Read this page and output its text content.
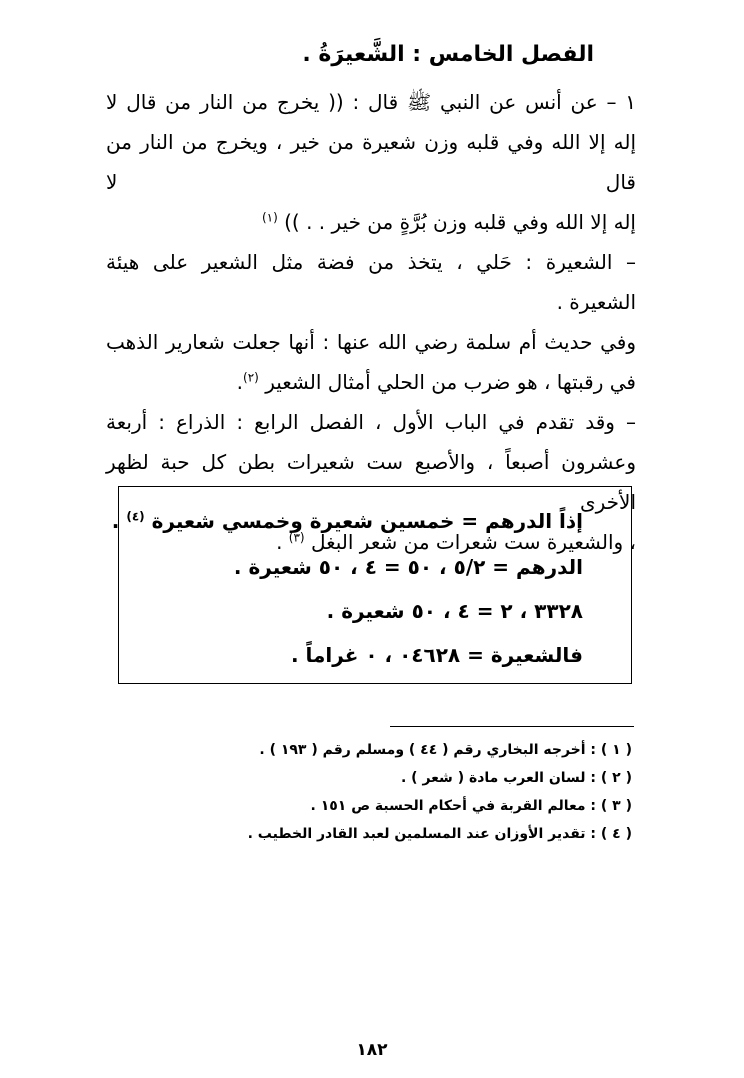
الفصل الخامس : الشَّعيرَةُ .

١ – عن أنس عن النبي ﷺ قال : (( يخرج من النار من قال لا
إله إلا الله وفي قلبه وزن شعيرة من خير ، ويخرج من النار من قال لا
إله إلا الله وفي قلبه وزن بُرَّةٍ من خير . . )) $^{(١)}$

– الشعيرة : حَلي ، يتخذ من فضة مثل الشعير على هيئة
الشعيرة .

وفي حديث أم سلمة رضي الله عنها : أنها جعلت شعارير الذهب
في رقبتها ، هو ضرب من الحلي أمثال الشعير $^{(٢)}$.

– وقد تقدم في الباب الأول ، الفصل الرابع : الذراع : أربعة
وعشرون أصبعاً ، والأصبع ست شعيرات بطن كل حبة لظهر الأخرى
، والشعيرة ست شعرات من شعر البغل $^{(٣)}$ .

إذاً الدرهم = خمسين شعيرة وخمسي شعيرة $^{(٤)}$ .
الدرهم = ٥/٢ ، ٥٠ = ٤ ، ٥٠ شعيرة .
٣٣٢٨ ، ٢ = ٤ ، ٥٠ شعيرة .
فالشعيرة = ٠٤٦٢٨ ، ٠ غراماً .
( ١ ) : أخرجه البخاري رقم ( ٤٤ ) ومسلم رقم ( ١٩٣ ) .
( ٢ ) : لسان العرب مادة ( شعر ) .
( ٣ ) : معالم القربة في أحكام الحسبة ص ١٥١ .
( ٤ ) : تقدير الأوزان عند المسلمين لعبد القادر الخطيب .
١٨٢
